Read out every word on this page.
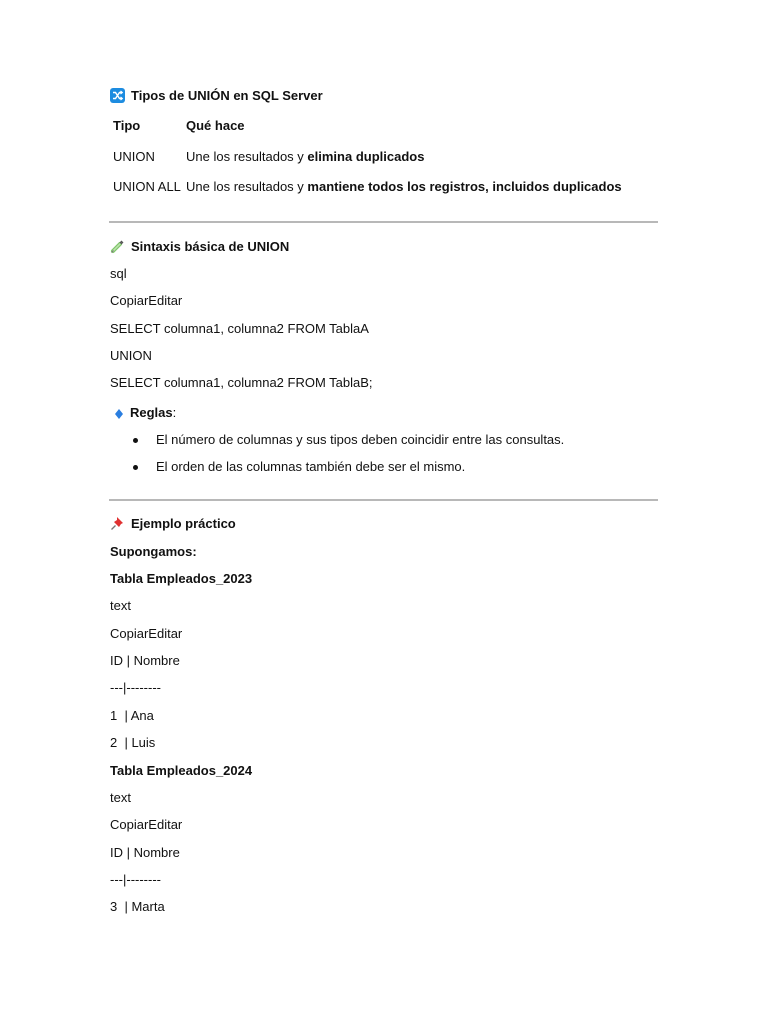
Tipos de UNIÓN en SQL Server
Tipo	Qué hace
UNION Une los resultados y elimina duplicados
UNION ALL Une los resultados y mantiene todos los registros, incluidos duplicados
Sintaxis básica de UNION
sql
CopiarEditar
SELECT columna1, columna2 FROM TablaA
UNION
SELECT columna1, columna2 FROM TablaB;
Reglas:
El número de columnas y sus tipos deben coincidir entre las consultas.
El orden de las columnas también debe ser el mismo.
Ejemplo práctico
Supongamos:
Tabla Empleados_2023
text
CopiarEditar
ID | Nombre
---|--------
1  | Ana
2  | Luis
Tabla Empleados_2024
text
CopiarEditar
ID | Nombre
---|--------
3  | Marta
